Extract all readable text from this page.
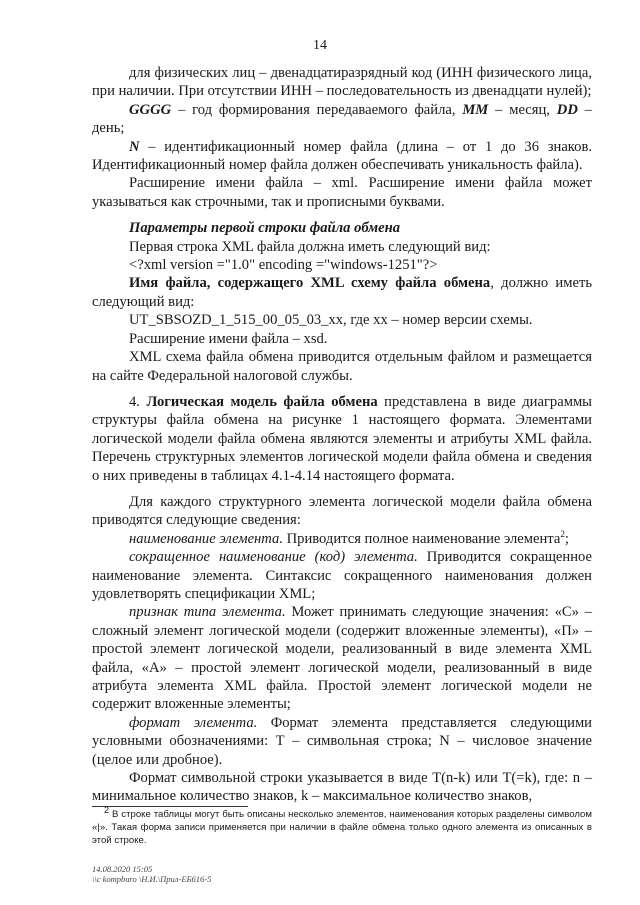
14

для физических лиц – двенадцатиразрядный код (ИНН физического лица, при наличии. При отсутствии ИНН – последовательность из двенадцати нулей);

GGGG – год формирования передаваемого файла, MM – месяц, DD – день;

N – идентификационный номер файла (длина – от 1 до 36 знаков. Идентификационный номер файла должен обеспечивать уникальность файла).

Расширение имени файла – xml. Расширение имени файла может указываться как строчными, так и прописными буквами.

Параметры первой строки файла обмена

Первая строка XML файла должна иметь следующий вид:

<?xml version ="1.0" encoding ="windows-1251"?>

Имя файла, содержащего XML схему файла обмена, должно иметь следующий вид:

UT_SBSOZD_1_515_00_05_03_xx, где хх – номер версии схемы.

Расширение имени файла – xsd.

XML схема файла обмена приводится отдельным файлом и размещается на сайте Федеральной налоговой службы.

4. Логическая модель файла обмена представлена в виде диаграммы структуры файла обмена на рисунке 1 настоящего формата. Элементами логической модели файла обмена являются элементы и атрибуты XML файла. Перечень структурных элементов логической модели файла обмена и сведения о них приведены в таблицах 4.1-4.14 настоящего формата.

Для каждого структурного элемента логической модели файла обмена приводятся следующие сведения:

наименование элемента. Приводится полное наименование элемента$^2$;

сокращенное наименование (код) элемента. Приводится сокращенное наименование элемента. Синтаксис сокращенного наименования должен удовлетворять спецификации XML;

признак типа элемента. Может принимать следующие значения: «С» – сложный элемент логической модели (содержит вложенные элементы), «П» – простой элемент логической модели, реализованный в виде элемента XML файла, «А» – простой элемент логической модели, реализованный в виде атрибута элемента XML файла. Простой элемент логической модели не содержит вложенные элементы;

формат элемента. Формат элемента представляется следующими условными обозначениями: Т – символьная строка; N – числовое значение (целое или дробное).

Формат символьной строки указывается в виде Т(n-k) или Т(=k), где: n – минимальное количество знаков, k – максимальное количество знаков,

$^2$ В строке таблицы могут быть описаны несколько элементов, наименования которых разделены символом «|». Такая форма записи применяется при наличии в файле обмена только одного элемента из описанных в этой строке.

14.08.2020 15:05
\\c kompburo \Н.И.\Прил-ЕБ616-5
